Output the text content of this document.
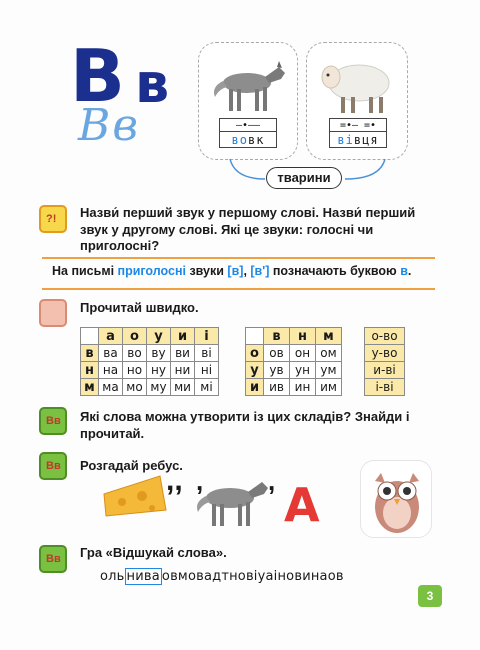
В в
Вв	—•——
вовк
=•— =•
вівця
тварини
?! Назви́ перший звук у першому слові. Назви́ перший звук у другому слові. Які це звуки: голосні чи приголосні?
На письмі приголосні звуки [в], [в'] позначають буквою в.
Прочитай швидко.
	а	о	у	и	і
в	ва	во	ву	ви	ві
н	на	но	ну	ни	ні
м	ма	мо	му	ми	мі
	в	н	м
о	ов	он	ом
у	ув	ун	ум
и	ив	ин	им
о-во
у-во
и-ві
і-ві
Вв Які слова можна утворити із цих складів? Знайди і прочитай.
Вв Розгадай ребус.
,, , , А
Вв Гра «Відшукай слова».
оль нива овмовадтновіуаіновинаов
3
